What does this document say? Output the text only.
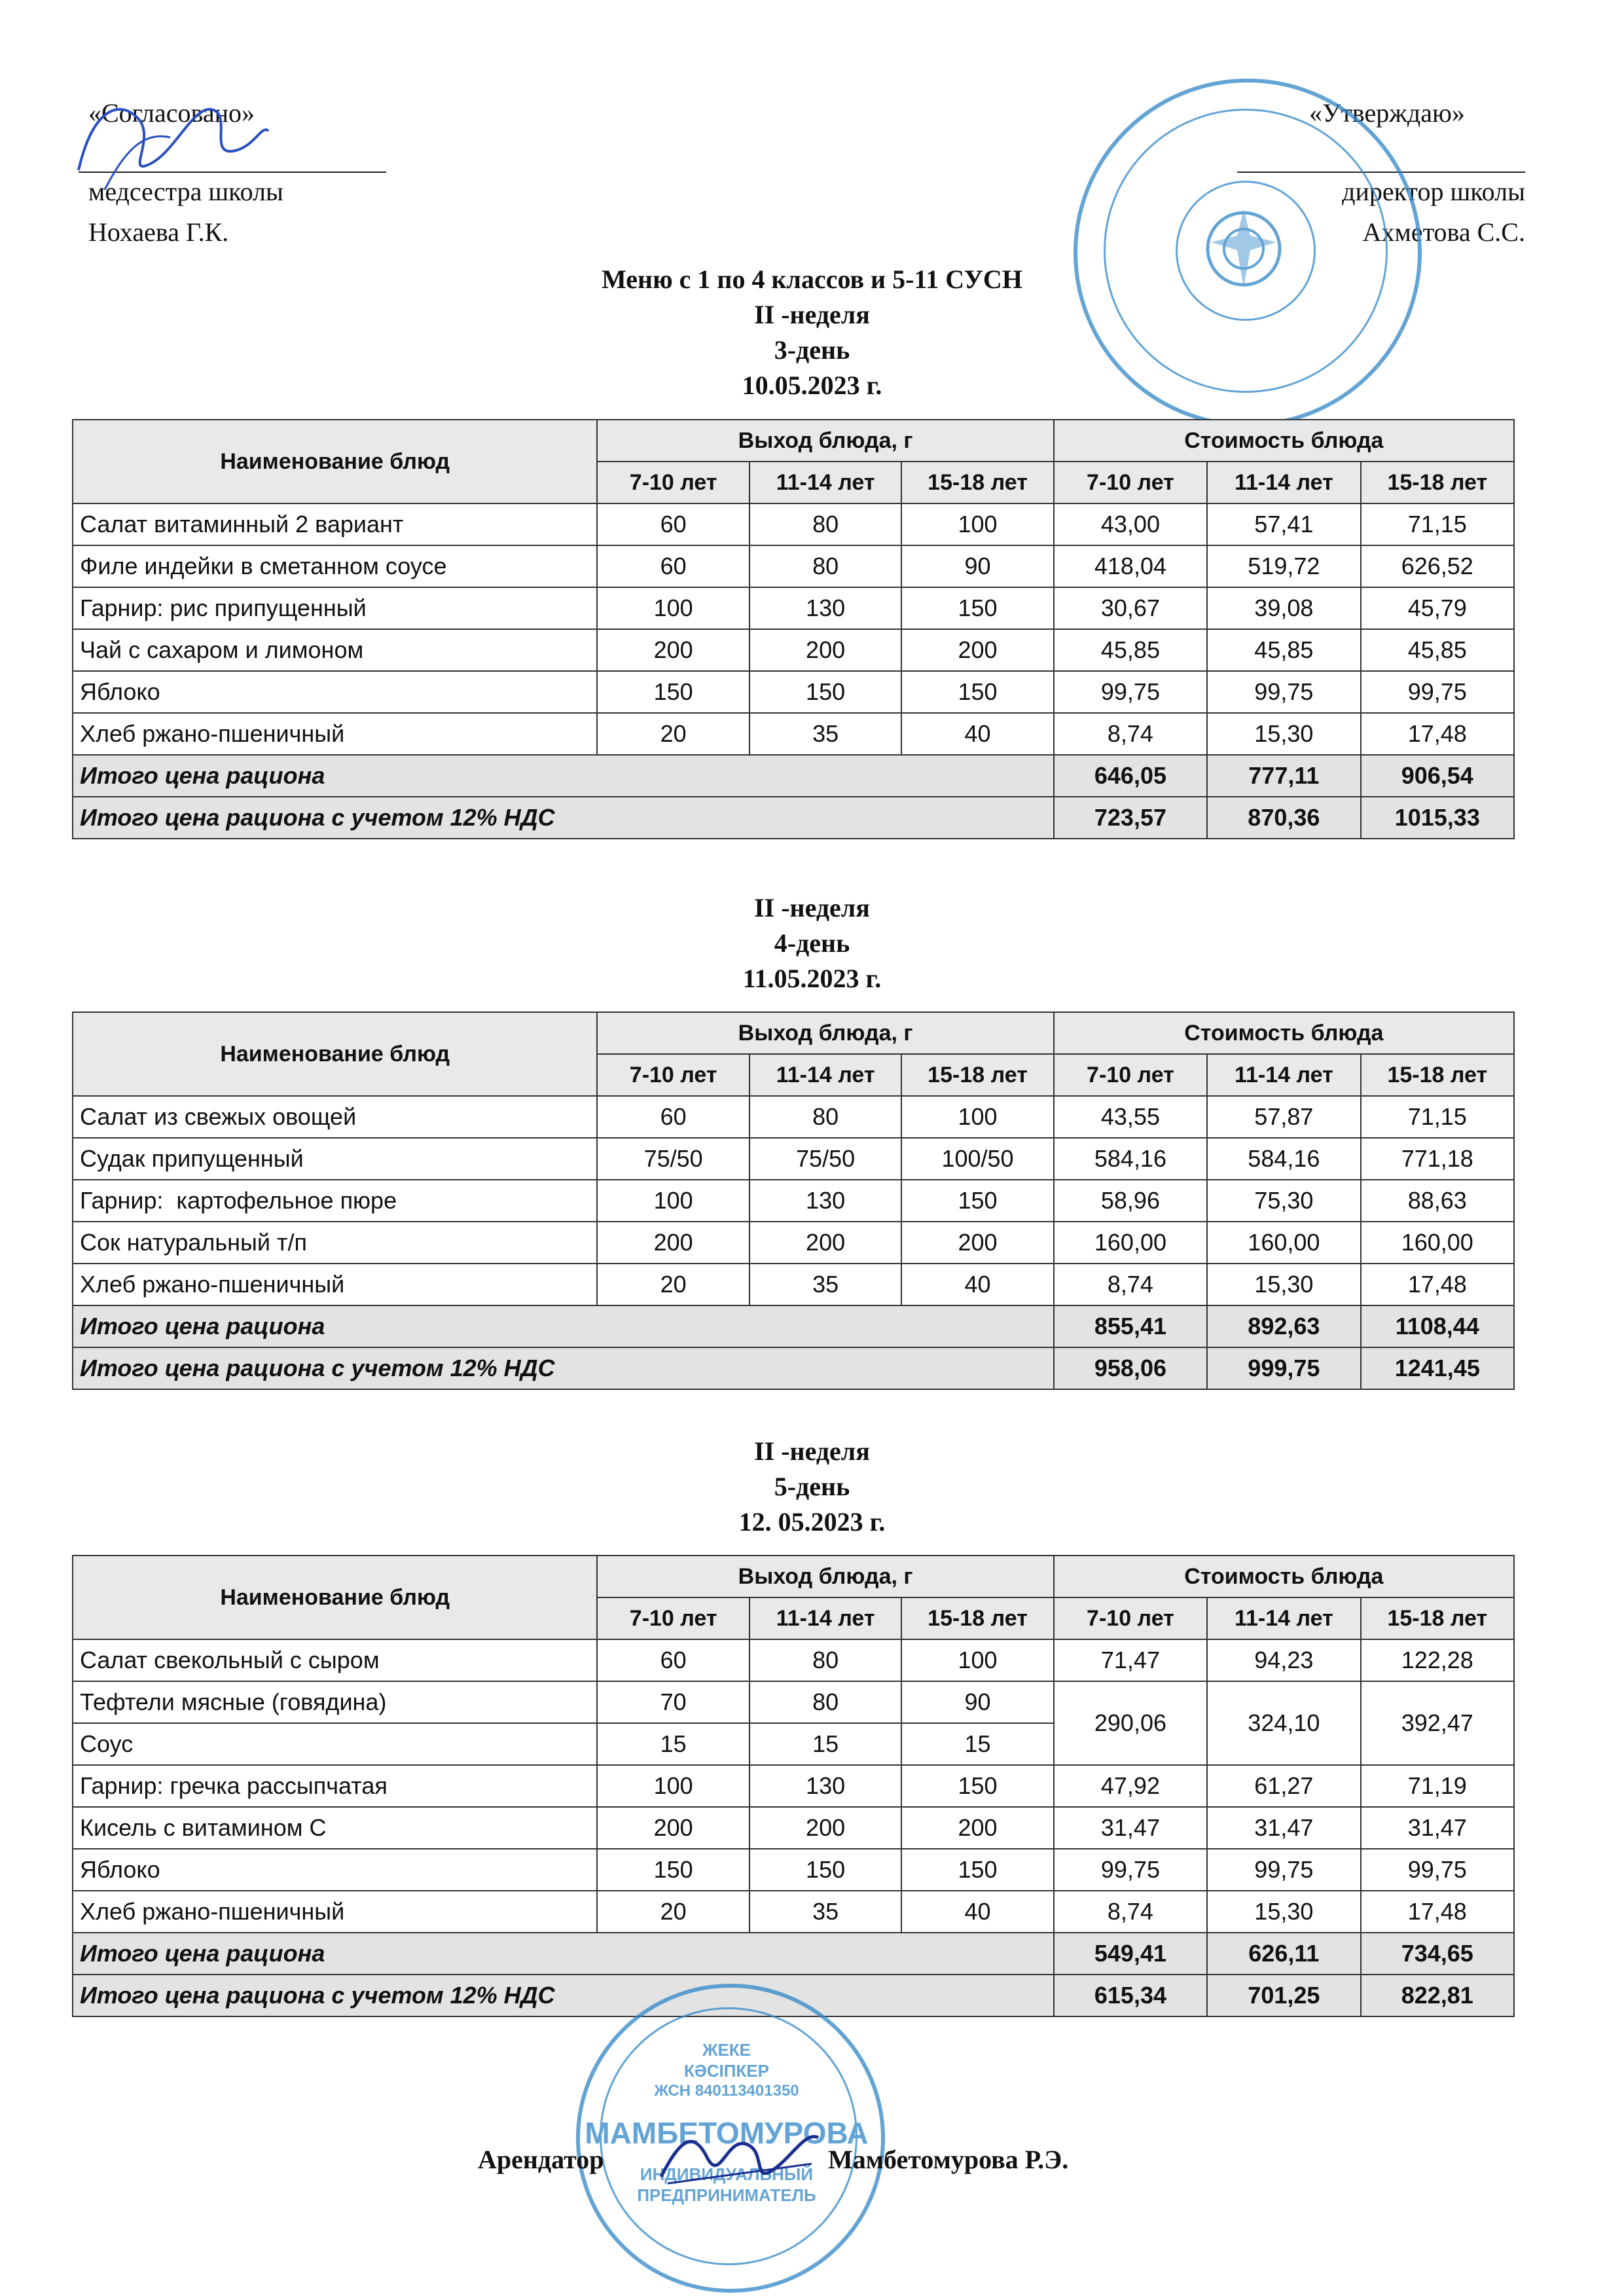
«Согласовано»
медсестра школы
Нохаева Г.К.
«Утверждаю»
директор школы
Ахметова С.С.
Меню с 1 по 4 классов и 5-11 СУСН
II -неделя
3-день
10.05.2023 г.
Наименование блюд	Выход блюда, г			Стоимость блюда		
	7-10 лет	11-14 лет	15-18 лет	7-10 лет	11-14 лет	15-18 лет
Салат витаминный 2 вариант	60	80	100	43,00	57,41	71,15
Филе индейки в сметанном соусе	60	80	90	418,04	519,72	626,52
Гарнир: рис припущенный	100	130	150	30,67	39,08	45,79
Чай с сахаром и лимоном	200	200	200	45,85	45,85	45,85
Яблоко	150	150	150	99,75	99,75	99,75
Хлеб ржано-пшеничный	20	35	40	8,74	15,30	17,48
Итого цена рациона				646,05	777,11	906,54
Итого цена рациона с учетом 12% НДС				723,57	870,36	1015,33
II -неделя
4-день
11.05.2023 г.
Наименование блюд	Выход блюда, г			Стоимость блюда		
	7-10 лет	11-14 лет	15-18 лет	7-10 лет	11-14 лет	15-18 лет
Салат из свежых овощей	60	80	100	43,55	57,87	71,15
Судак припущенный	75/50	75/50	100/50	584,16	584,16	771,18
Гарнир:  картофельное пюре	100	130	150	58,96	75,30	88,63
Сок натуральный т/п	200	200	200	160,00	160,00	160,00
Хлеб ржано-пшеничный	20	35	40	8,74	15,30	17,48
Итого цена рациона				855,41	892,63	1108,44
Итого цена рациона с учетом 12% НДС				958,06	999,75	1241,45
II -неделя
5-день
12. 05.2023 г.
Наименование блюд	Выход блюда, г			Стоимость блюда		
	7-10 лет	11-14 лет	15-18 лет	7-10 лет	11-14 лет	15-18 лет
Салат свекольный с сыром	60	80	100	71,47	94,23	122,28
Тефтели мясные (говядина)	70	80	90	290,06	324,10	392,47
Соус	15	15	15			
Гарнир: гречка рассыпчатая	100	130	150	47,92	61,27	71,19
Кисель с витамином С	200	200	200	31,47	31,47	31,47
Яблоко	150	150	150	99,75	99,75	99,75
Хлеб ржано-пшеничный	20	35	40	8,74	15,30	17,48
Итого цена рациона				549,41	626,11	734,65
Итого цена рациона с учетом 12% НДС				615,34	701,25	822,81
ЖЕКЕ
КӘСІПКЕР
ЖСН 840113401350
МАМБЕТОМУРОВА
ИНДИВИДУАЛЬНЫЙ
ПРЕДПРИНИМАТЕЛЬ
Арендатор	Мамбетомурова Р.Э.
